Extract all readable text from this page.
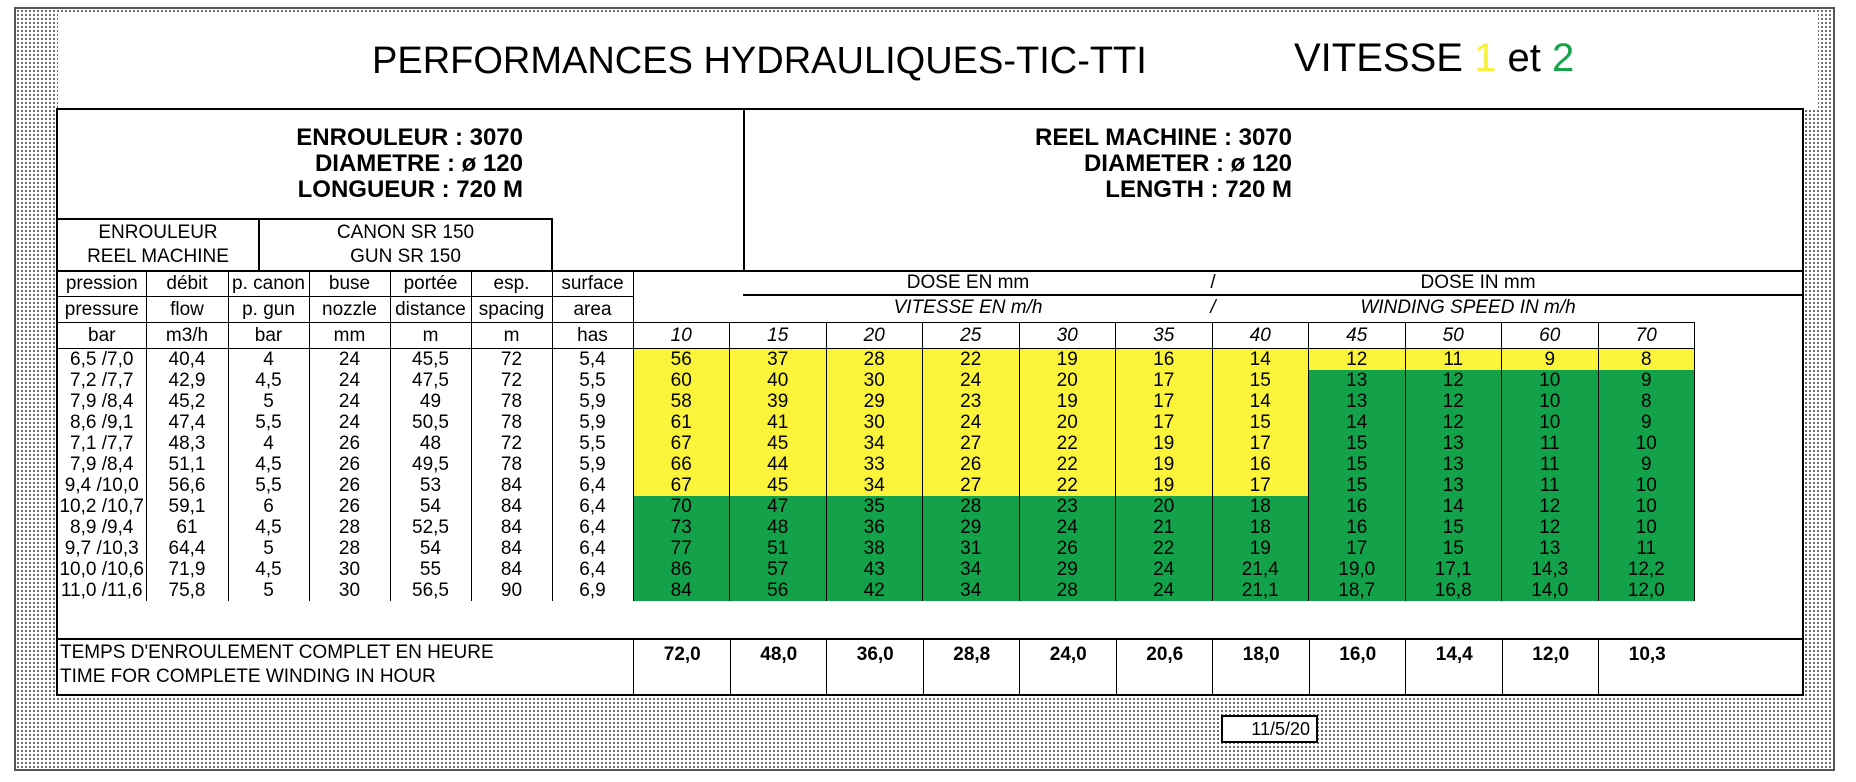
PERFORMANCES HYDRAULIQUES-TIC-TTI	VITESSE 1 et 2
ENROULEUR : 3070
DIAMETRE : ø 120
LONGUEUR : 720 M
REEL MACHINE : 3070
DIAMETER : ø 120
LENGTH : 720 M
ENROULEUR
REEL MACHINE
CANON SR 150
GUN SR 150
DOSE EN mm	/	DOSE IN mm
VITESSE EN m/h	/	WINDING SPEED IN m/h
pression	débit	p. canon	buse	portée	esp.	surface											
pressure	flow	p. gun	nozzle	distance	spacing	area											
bar	m3/h	bar	mm	m	m	has	10	15	20	25	30	35	40	45	50	60	70
6,5 /7,0	40,4	4	24	45,5	72	5,4	56	37	28	22	19	16	14	12	11	9	8
7,2 /7,7	42,9	4,5	24	47,5	72	5,5	60	40	30	24	20	17	15	13	12	10	9
7,9 /8,4	45,2	5	24	49	78	5,9	58	39	29	23	19	17	14	13	12	10	8
8,6 /9,1	47,4	5,5	24	50,5	78	5,9	61	41	30	24	20	17	15	14	12	10	9
7,1 /7,7	48,3	4	26	48	72	5,5	67	45	34	27	22	19	17	15	13	11	10
7,9 /8,4	51,1	4,5	26	49,5	78	5,9	66	44	33	26	22	19	16	15	13	11	9
9,4 /10,0	56,6	5,5	26	53	84	6,4	67	45	34	27	22	19	17	15	13	11	10
10,2 /10,7	59,1	6	26	54	84	6,4	70	47	35	28	23	20	18	16	14	12	10
8,9 /9,4	61	4,5	28	52,5	84	6,4	73	48	36	29	24	21	18	16	15	12	10
9,7 /10,3	64,4	5	28	54	84	6,4	77	51	38	31	26	22	19	17	15	13	11
10,0 /10,6	71,9	4,5	30	55	84	6,4	86	57	43	34	29	24	21,4	19,0	17,1	14,3	12,2
11,0 /11,6	75,8	5	30	56,5	90	6,9	84	56	42	34	28	24	21,1	18,7	16,8	14,0	12,0
TEMPS D'ENROULEMENT COMPLET EN HEURE
TIME FOR COMPLETE WINDING IN HOUR
72,0	48,0	36,0	28,8	24,0	20,6	18,0	16,0	14,4	12,0	10,3
11/5/20
